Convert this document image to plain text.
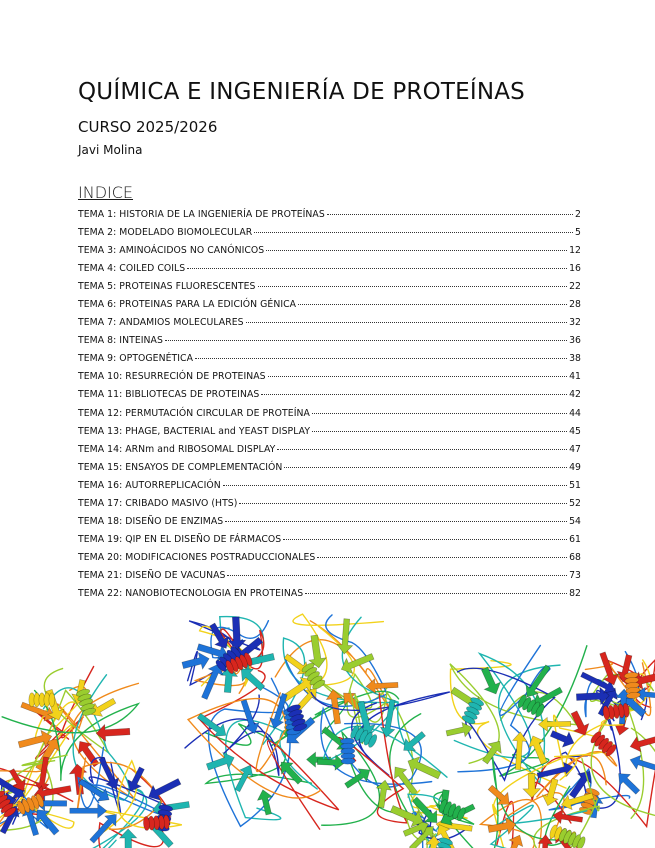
QUÍMICA E INGENIERÍA DE PROTEÍNAS
CURSO 2025/2026
Javi Molina
INDICE
TEMA 1: HISTORIA DE LA INGENIERÍA DE PROTEÍNAS	2
TEMA 2: MODELADO BIOMOLECULAR	5
TEMA 3: AMINOÁCIDOS NO CANÓNICOS	12
TEMA 4: COILED COILS	16
TEMA 5: PROTEINAS FLUORESCENTES	22
TEMA 6: PROTEINAS PARA LA EDICIÓN GÉNICA	28
TEMA 7: ANDAMIOS MOLECULARES	32
TEMA 8: INTEINAS	36
TEMA 9: OPTOGENÉTICA	38
TEMA 10: RESURRECIÓN DE PROTEINAS	41
TEMA 11: BIBLIOTECAS DE PROTEINAS	42
TEMA 12: PERMUTACIÓN CIRCULAR DE PROTEÍNA	44
TEMA 13: PHAGE, BACTERIAL and YEAST DISPLAY	45
TEMA 14: ARNm and RIBOSOMAL DISPLAY	47
TEMA 15: ENSAYOS DE COMPLEMENTACIÓN	49
TEMA 16: AUTORREPLICACIÓN	51
TEMA 17: CRIBADO MASIVO (HTS)	52
TEMA 18: DISEÑO DE ENZIMAS	54
TEMA 19: QIP EN EL DISEÑO DE FÁRMACOS	61
TEMA 20: MODIFICACIONES POSTRADUCCIONALES	68
TEMA 21: DISEÑO DE VACUNAS	73
TEMA 22: NANOBIOTECNOLOGIA EN PROTEINAS	82
